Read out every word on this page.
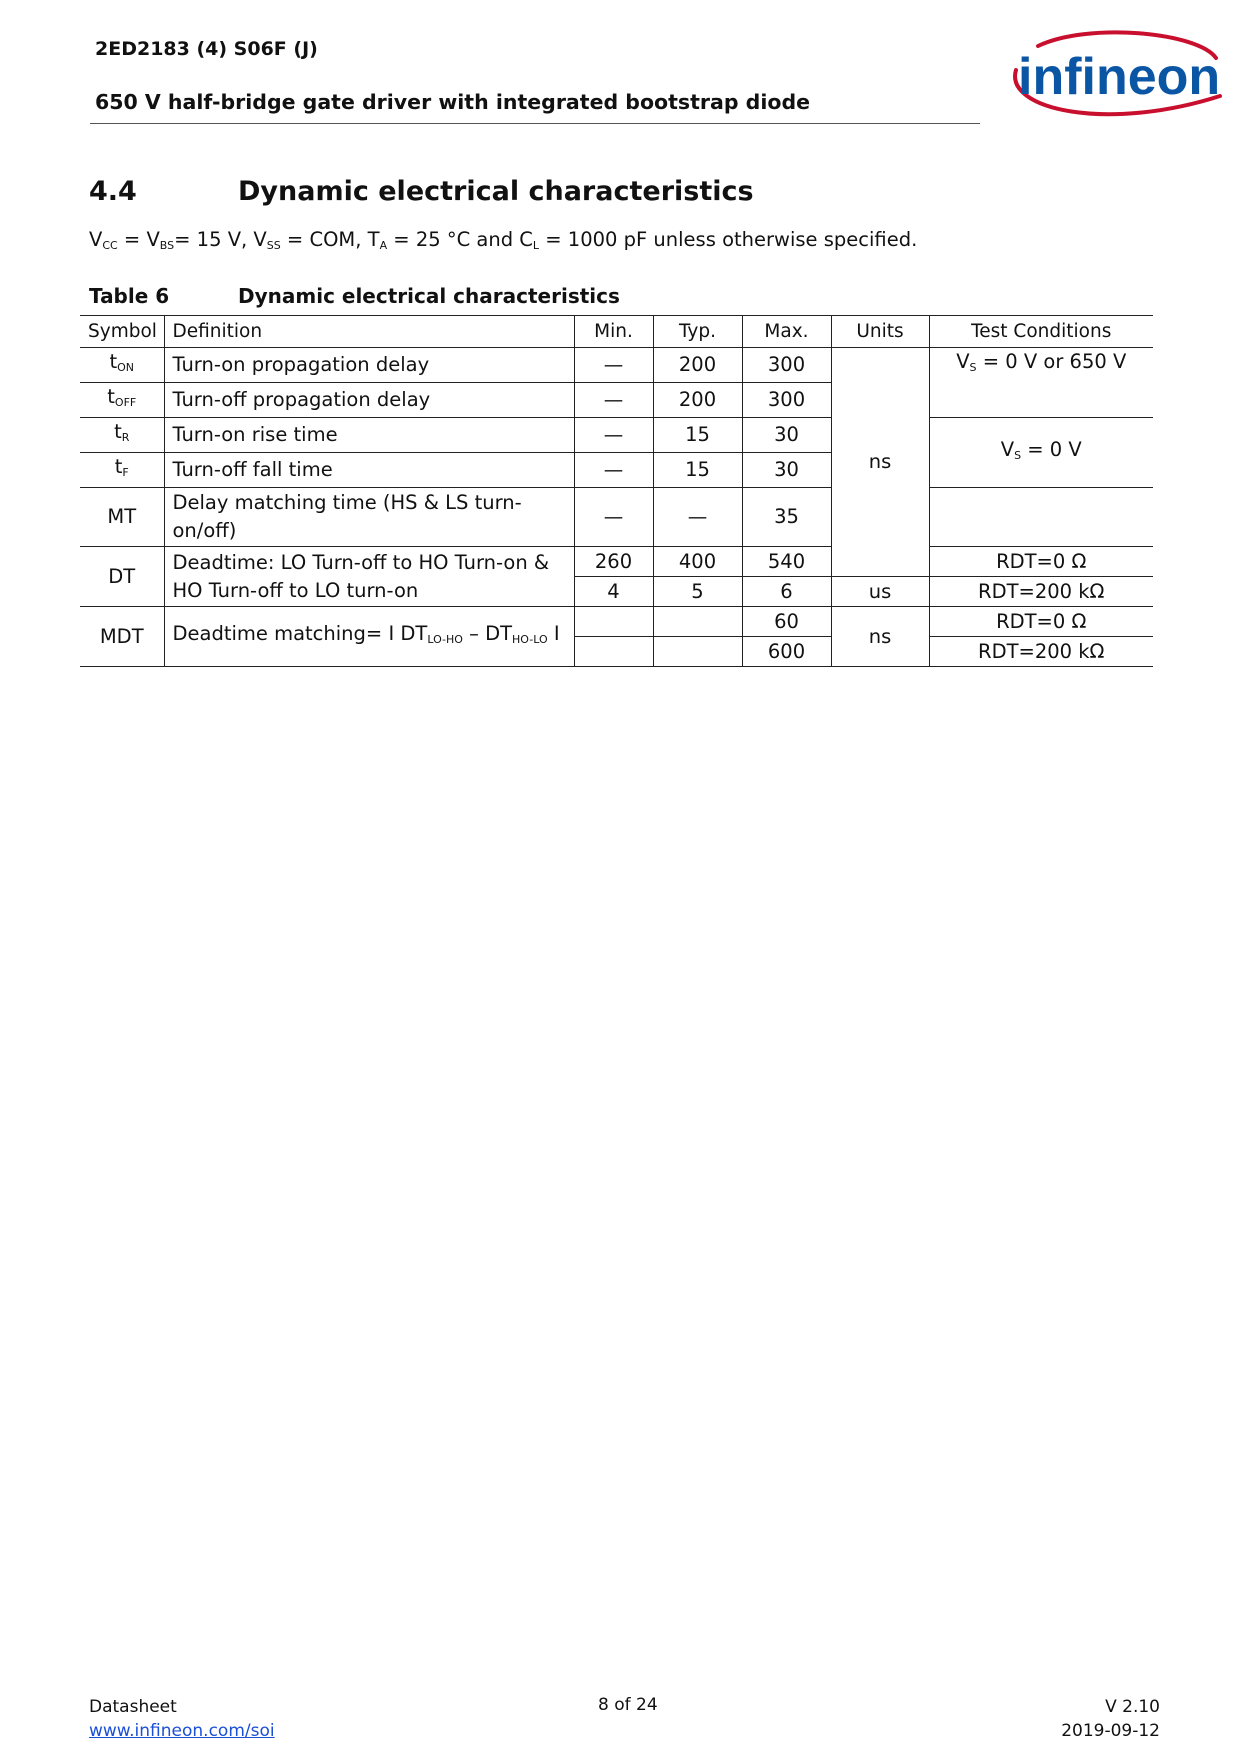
2ED2183 (4) S06F (J)
650 V half-bridge gate driver with integrated bootstrap diode	infineon
4.4	Dynamic electrical characteristics
$V_{CC} = V_{BS}= 15$ V, $V_{SS}$ = COM, $T_A = 25$ °C and $C_L = 1000$ pF unless otherwise specified.
Table 6	Dynamic electrical characteristics
Symbol	Definition	Min.	Typ.	Max.	Units	Test Conditions
$t_{ON}$	Turn-on propagation delay	—	200	300	ns	$V_S = 0$ V or 650 V
$t_{OFF}$	Turn-off propagation delay	—	200	300		
$t_R$	Turn-on rise time	—	15	30		$V_S = 0$ V
$t_F$	Turn-off fall time	—	15	30		
MT	Delay matching time (HS & LS turn-on/off)	—	—	35		
DT	Deadtime: LO Turn-off to HO Turn-on & HO Turn-off to LO turn-on	260	400	540		RDT=0 Ω
		4	5	6	us	RDT=200 kΩ
MDT	Deadtime matching= I $DT_{LO-HO} - DT_{HO-LO}$ I			60	ns	RDT=0 Ω
				600		RDT=200 kΩ
Datasheet
www.infineon.com/soi
8 of 24	V 2.10
2019-09-12
